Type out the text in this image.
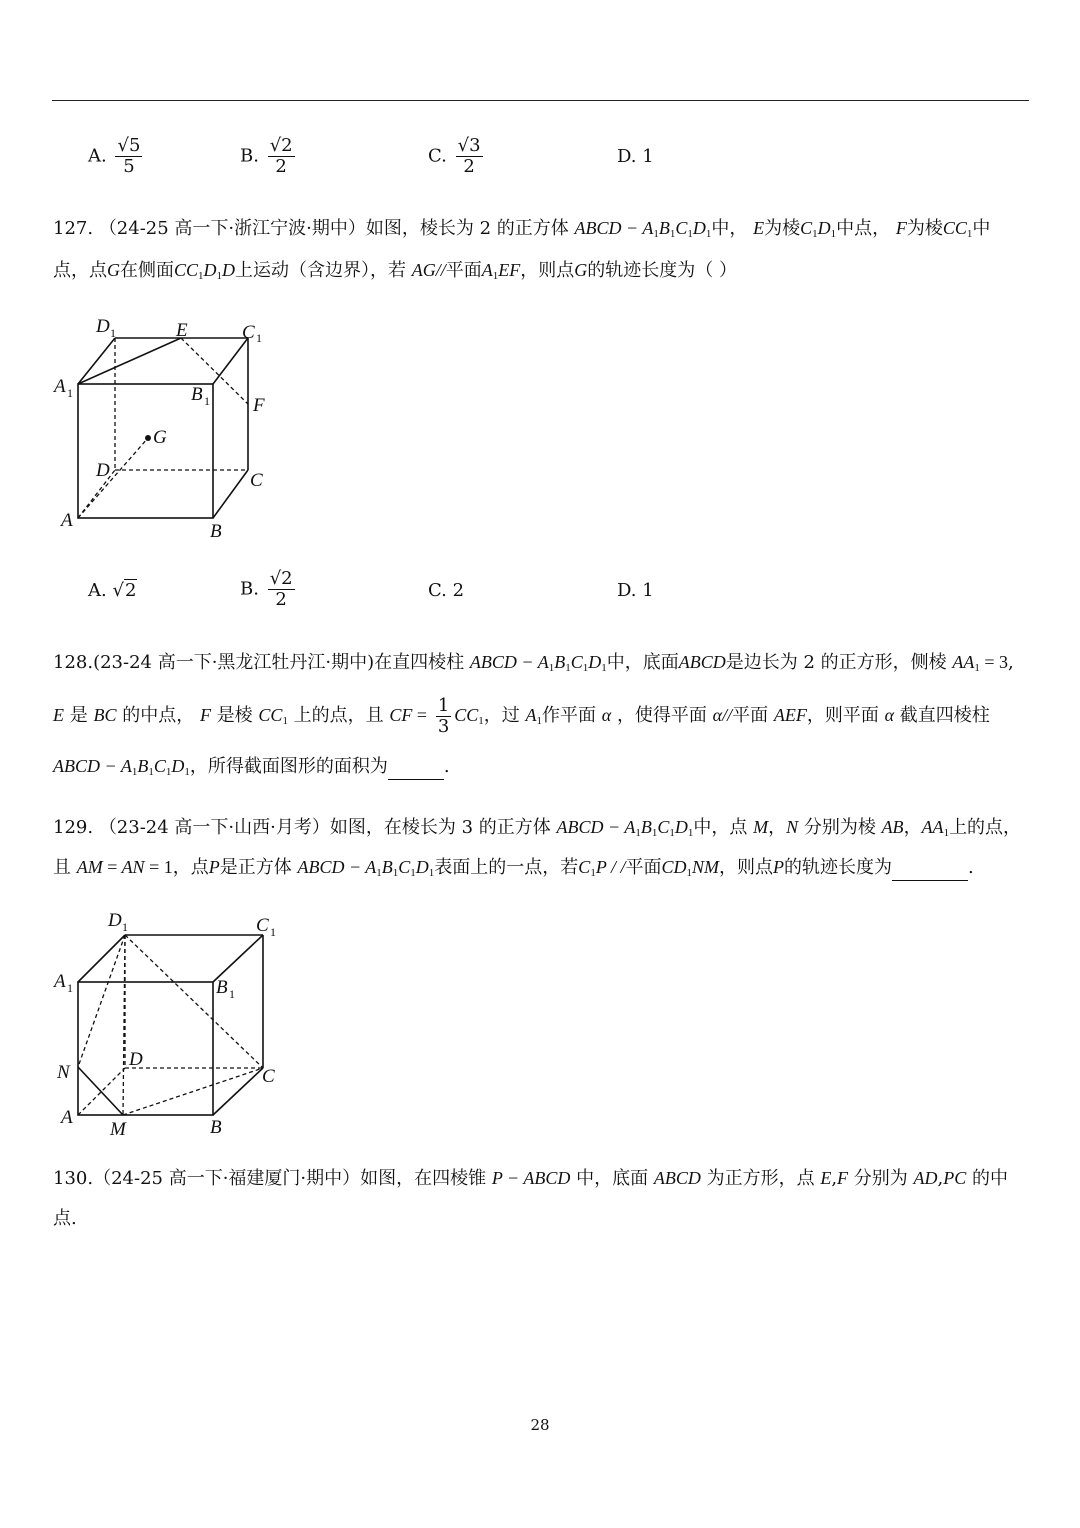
A. $\frac{√5}{5}$	B. $\frac{√2}{2}$	C. $\frac{√3}{2}$	D. 1
127. （24-25 高一下·浙江宁波·期中）如图，棱长为 2 的正方体 ABCD − $A_1B_1C_1D_1$中， E为棱$C_1D_1$中点， F为棱$CC_1$中
点，点G在侧面$CC_1D_1D$上运动（含边界），若 AG//平面$A_1EF$，则点G的轨迹长度为（ ）
D 1	E	C 1
A 1	B 1 F
G
D	C
A
B
A. √2	B. $\frac{√2}{2}$	C. 2	D. 1
128.(23-24 高一下·黑龙江牡丹江·期中)在直四棱柱 ABCD − $A_1B_1C_1D_1$中，底面ABCD是边长为 2 的正方形，侧棱 $AA_1 = 3$,
E 是 BC 的中点， F 是棱 $CC_1$ 上的点，且 CF = $\frac{1}{3} CC_1$，过 $A_1$作平面 α ，使得平面 α//平面 AEF，则平面 α 截直四棱柱
ABCD − $A_1B_1C_1D_1$，所得截面图形的面积为	.
129. （23-24 高一下·山西·月考）如图，在棱长为 3 的正方体 ABCD − $A_1B_1C_1D_1$中，点 M，N 分别为棱 AB，$AA_1$上的点，
且 AM = AN = 1，点P是正方体 ABCD − $A_1B_1C_1D_1$表面上的一点，若$C_1P$ / /平面$CD_1NM$，则点P的轨迹长度为	.
D 1	C 1
A 1	B 1
D
N	C
A
M	B
130.（24-25 高一下·福建厦门·期中）如图，在四棱锥 P − ABCD 中，底面 ABCD 为正方形，点 E,F 分别为 AD,PC 的中
点.
28
